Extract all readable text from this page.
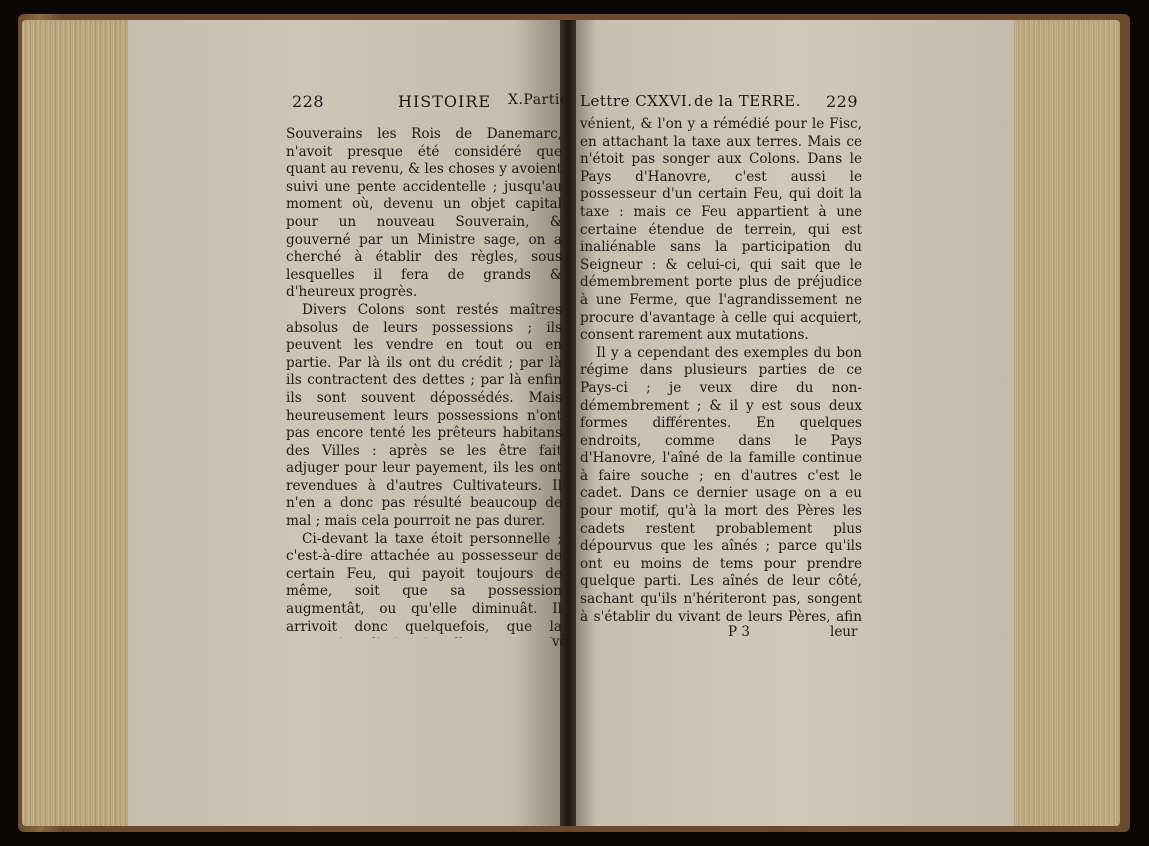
228	HISTOIRE X.Partie

Souverains les Rois de Danemarc, n'avoit presque été considéré que quant au revenu, & les choses y avoient suivi une pente accidentelle ; jusqu'au moment où, devenu un objet capital pour un nouveau Souverain, & gouverné par un Ministre sage, on a cherché à établir des règles, sous lesquelles il fera de grands & d'heureux progrès.

Divers Colons sont restés maîtres absolus de leurs possessions ; ils peuvent les vendre en tout ou en partie. Par là ils ont du crédit ; par là ils contractent des dettes ; par là enfin ils sont souvent dépossédés. Mais heureusement leurs possessions n'ont pas encore tenté les prêteurs habitans des Villes : après se les être fait adjuger pour leur payement, ils les ont revendues à d'autres Cultivateurs. Il n'en a donc pas résulté beaucoup de mal ; mais cela pourroit ne pas durer.

Ci-devant la taxe étoit personnelle ; c'est-à-dire attachée au possesseur de certain Feu, qui payoit toujours de même, soit que sa possession augmentât, ou qu'elle diminuât. Il arrivoit donc quelquefois, que la

vé
Lettre CXXVI. de la TERRE. 229

vénient, & l'on y a rémédié pour le Fisc, en attachant la taxe aux terres. Mais ce n'étoit pas songer aux Colons. Dans le Pays d'Hanovre, c'est aussi le possesseur d'un certain Feu, qui doit la taxe : mais ce Feu appartient à une certaine étendue de terrein, qui est inaliénable sans la participation du Seigneur : & celui-ci, qui sait que le démembrement porte plus de préjudice à une Ferme, que l'agrandissement ne procure d'avantage à celle qui acquiert, consent rarement aux mutations.

Il y a cependant des exemples du bon régime dans plusieurs parties de ce Pays-ci ; je veux dire du non-démembrement ; & il y est sous deux formes différentes. En quelques endroits, comme dans le Pays d'Hanovre, l'aîné de la famille continue à faire souche ; en d'autres c'est le cadet. Dans ce dernier usage on a eu pour motif, qu'à la mort des Pères les cadets restent probablement plus dépourvus que les aînés ; parce qu'ils ont eu moins de tems pour prendre quelque parti. Les aînés de leur côté, sachant qu'ils n'hériteront pas, songent à s'établir du vivant de leurs Pères, afin

P 3	leur
